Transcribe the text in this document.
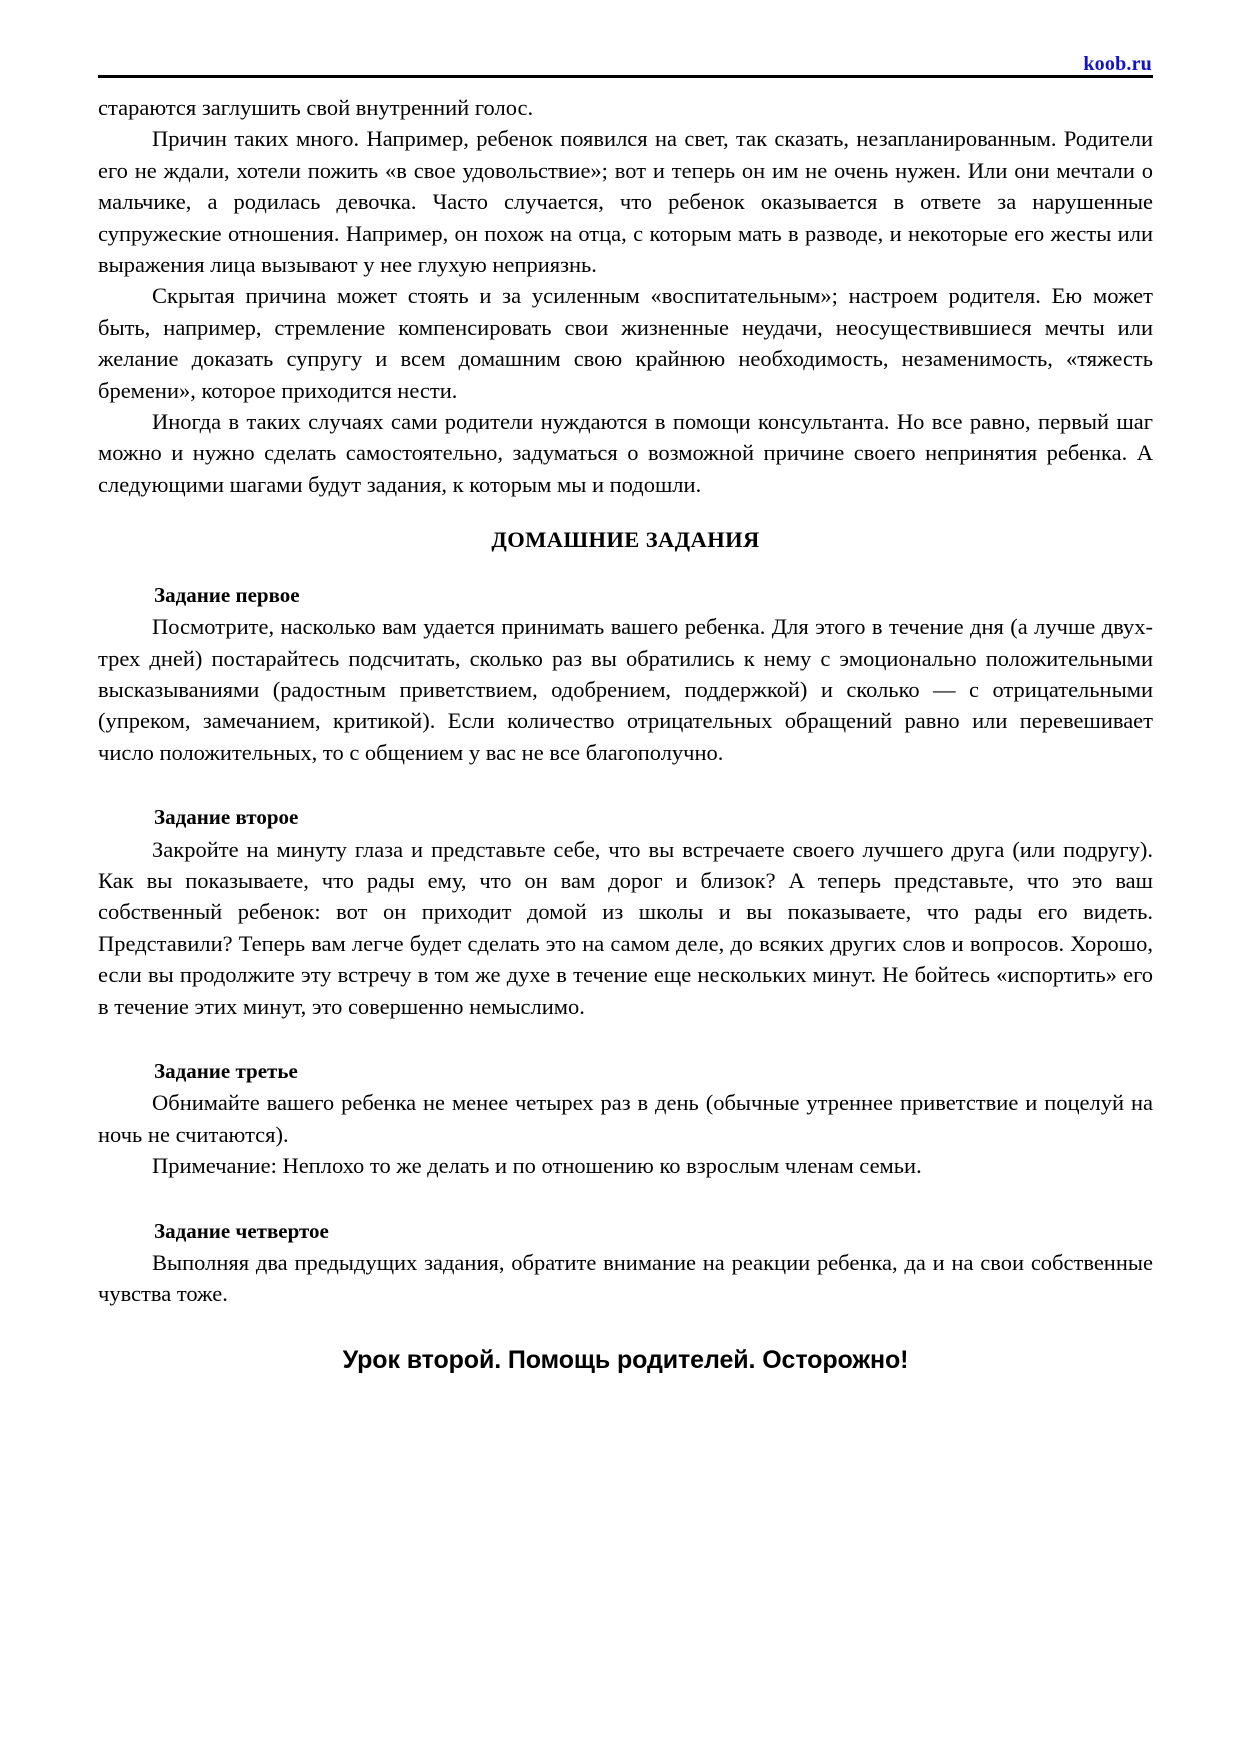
koob.ru

стараются заглушить свой внутренний голос.

Причин таких много. Например, ребенок появился на свет, так сказать, незапланированным. Родители его не ждали, хотели пожить «в свое удовольствие»; вот и теперь он им не очень нужен. Или они мечтали о мальчике, а родилась девочка. Часто случается, что ребенок оказывается в ответе за нарушенные супружеские отношения. Например, он похож на отца, с которым мать в разводе, и некоторые его жесты или выражения лица вызывают у нее глухую неприязнь.

Скрытая причина может стоять и за усиленным «воспитательным»; настроем родителя. Ею может быть, например, стремление компенсировать свои жизненные неудачи, неосуществившиеся мечты или желание доказать супругу и всем домашним свою крайнюю необходимость, незаменимость, «тяжесть бремени», которое приходится нести.

Иногда в таких случаях сами родители нуждаются в помощи консультанта. Но все равно, первый шаг можно и нужно сделать самостоятельно, задуматься о возможной причине своего непринятия ребенка. А следующими шагами будут задания, к которым мы и подошли.

ДОМАШНИЕ ЗАДАНИЯ

Задание первое

Посмотрите, насколько вам удается принимать вашего ребенка. Для этого в течение дня (а лучше двух-трех дней) постарайтесь подсчитать, сколько раз вы обратились к нему с эмоционально положительными высказываниями (радостным приветствием, одобрением, поддержкой) и сколько — с отрицательными (упреком, замечанием, критикой). Если количество отрицательных обращений равно или перевешивает число положительных, то с общением у вас не все благополучно.

Задание второе

Закройте на минуту глаза и представьте себе, что вы встречаете своего лучшего друга (или подругу). Как вы показываете, что рады ему, что он вам дорог и близок? А теперь представьте, что это ваш собственный ребенок: вот он приходит домой из школы и вы показываете, что рады его видеть. Представили? Теперь вам легче будет сделать это на самом деле, до всяких других слов и вопросов. Хорошо, если вы продолжите эту встречу в том же духе в течение еще нескольких минут. Не бойтесь «испортить» его в течение этих минут, это совершенно немыслимо.

Задание третье

Обнимайте вашего ребенка не менее четырех раз в день (обычные утреннее приветствие и поцелуй на ночь не считаются).

Примечание: Неплохо то же делать и по отношению ко взрослым членам семьи.

Задание четвертое

Выполняя два предыдущих задания, обратите внимание на реакции ребенка, да и на свои собственные чувства тоже.

Урок второй. Помощь родителей. Осторожно!
